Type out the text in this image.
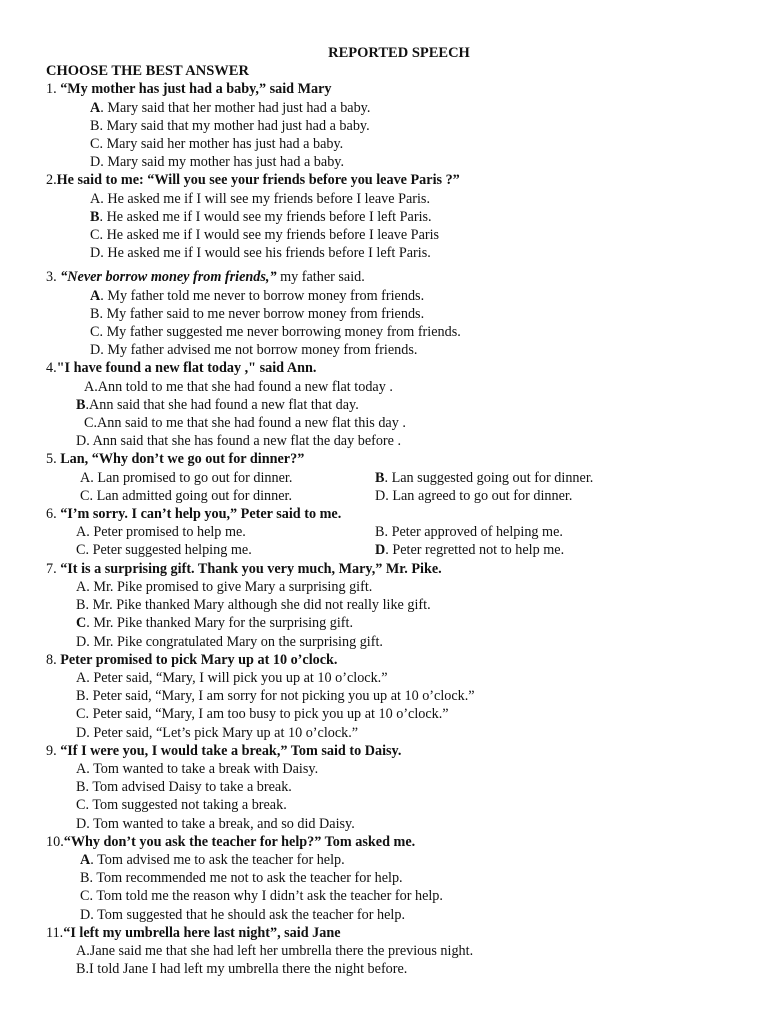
REPORTED SPEECH
CHOOSE THE BEST ANSWER
1. “My mother has just had a baby,” said Mary
A. Mary said that her mother had just had a baby.
B. Mary said that my mother had just had a baby.
C. Mary said her mother has just had a baby.
D. Mary said my mother has just had a baby.
2.He said to me: “Will you see your friends before you leave Paris ?”
A. He asked me if I will see my friends before I leave Paris.
B. He asked me if I would see my friends before I left Paris.
C. He asked me if I would see my friends before I leave Paris
D. He asked me if I would see his friends before I left Paris.
3. “Never borrow money from friends,” my father said.
A. My father told me never to borrow money from friends.
B. My father said to me never borrow money from friends.
C. My father suggested me never borrowing money from friends.
D. My father advised me not borrow money from friends.
4."I have found a new flat today ," said Ann.
A.Ann told to me that she had found a new flat today .
B.Ann said that she had found a new flat that day.
C.Ann said to me that she had found a new flat this day .
D. Ann said that she has found a new flat the day before .
5. Lan, “Why don’t we go out for dinner?”
A. Lan promised to go out for dinner.	B. Lan suggested going out for dinner.
C. Lan admitted going out for dinner.	D. Lan agreed to go out for dinner.
6. “I’m sorry. I can’t help you,” Peter said to me.
A. Peter promised to help me.	B. Peter approved of helping me.
C. Peter suggested helping me.	D. Peter regretted not to help me.
7. “It is a surprising gift. Thank you very much, Mary,” Mr. Pike.
A. Mr. Pike promised to give Mary a surprising gift.
B. Mr. Pike thanked Mary although she did not really like gift.
C. Mr. Pike thanked Mary for the surprising gift.
D. Mr. Pike congratulated Mary on the surprising gift.
8. Peter promised to pick Mary up at 10 o’clock.
A. Peter said, “Mary, I will pick you up at 10 o’clock.”
B. Peter said, “Mary, I am sorry for not picking you up at 10 o’clock.”
C. Peter said, “Mary, I am too busy to pick you up at 10 o’clock.”
D. Peter said, “Let’s pick Mary up at 10 o’clock.”
9. “If I were you, I would take a break,” Tom said to Daisy.
A. Tom wanted to take a break with Daisy.
B. Tom advised Daisy to take a break.
C. Tom suggested not taking a break.
D. Tom wanted to take a break, and so did Daisy.
10.“Why don’t you ask the teacher for help?” Tom asked me.
A. Tom advised me to ask the teacher for help.
B. Tom recommended me not to ask the teacher for help.
C. Tom told me the reason why I didn’t ask the teacher for help.
D. Tom suggested that he should ask the teacher for help.
11.“I left my umbrella here last night”, said Jane
A.Jane said me that she had left her umbrella there the previous night.
B.I told Jane I had left my umbrella there the night before.
